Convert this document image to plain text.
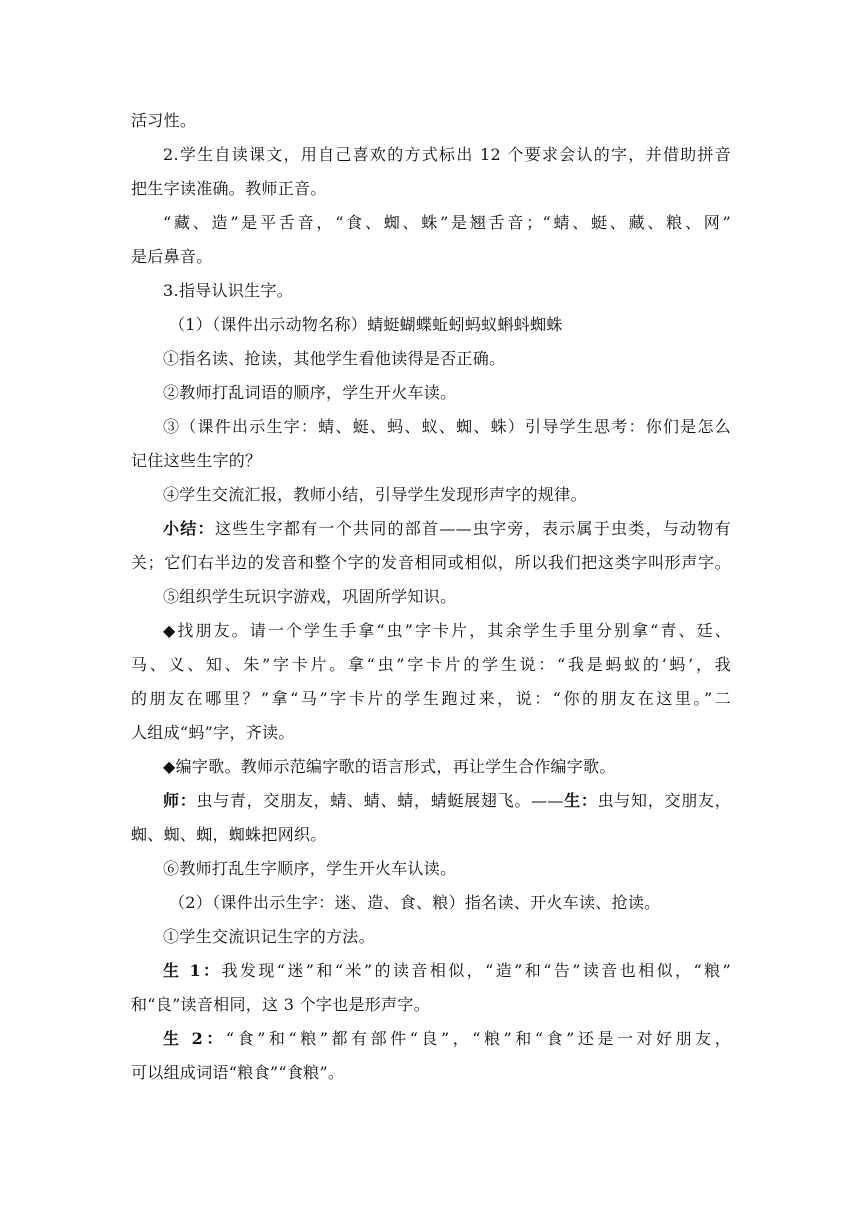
活习性。
2.学生自读课文，用自己喜欢的方式标出 12 个要求会认的字，并借助拼音
把生字读准确。教师正音。
“藏、造”是平舌音，“食、蜘、蛛”是翘舌音；“蜻、蜓、藏、粮、网”
是后鼻音。
3.指导认识生字。
（1）（课件出示动物名称）蜻蜓蝴蝶蚯蚓蚂蚁蝌蚪蜘蛛
①指名读、抢读，其他学生看他读得是否正确。
②教师打乱词语的顺序，学生开火车读。
③（课件出示生字：蜻、蜓、蚂、蚁、蜘、蛛）引导学生思考：你们是怎么
记住这些生字的？
④学生交流汇报，教师小结，引导学生发现形声字的规律。
小结：这些生字都有一个共同的部首——虫字旁，表示属于虫类，与动物有
关；它们右半边的发音和整个字的发音相同或相似，所以我们把这类字叫形声字。
⑤组织学生玩识字游戏，巩固所学知识。
◆找朋友。请一个学生手拿“虫”字卡片，其余学生手里分别拿“青、廷、
马、义、知、朱”字卡片。拿“虫”字卡片的学生说：“我是蚂蚁的‘蚂’，我
的朋友在哪里？”拿“马”字卡片的学生跑过来，说：“你的朋友在这里。”二
人组成“蚂”字，齐读。
◆编字歌。教师示范编字歌的语言形式，再让学生合作编字歌。
师：虫与青，交朋友，蜻、蜻、蜻，蜻蜓展翅飞。——生：虫与知，交朋友，
蜘、蜘、蜘，蜘蛛把网织。
⑥教师打乱生字顺序，学生开火车认读。
（2）（课件出示生字：迷、造、食、粮）指名读、开火车读、抢读。
①学生交流识记生字的方法。
生 1：我发现“迷”和“米”的读音相似，“造”和“告”读音也相似，“粮”
和“良”读音相同，这 3 个字也是形声字。
生 2：“食”和“粮”都有部件“良”，“粮”和“食”还是一对好朋友，
可以组成词语“粮食”“食粮”。
